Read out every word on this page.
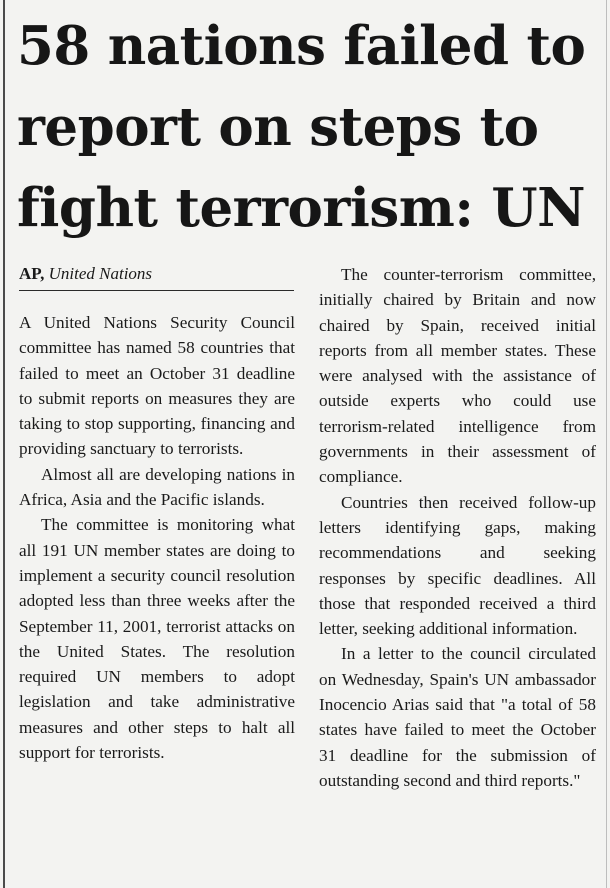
58 nations failed to
report on steps to
fight terrorism: UN
AP, United Nations

A United Nations Security Council committee has named 58 countries that failed to meet an October 31 deadline to submit reports on measures they are taking to stop supporting, financing and providing sanctuary to terrorists.

Almost all are developing nations in Africa, Asia and the Pacific islands.

The committee is monitoring what all 191 UN member states are doing to implement a security council resolution adopted less than three weeks after the September 11, 2001, terrorist attacks on the United States. The resolution required UN members to adopt legislation and take administrative measures and other steps to halt all support for terrorists.

The counter-terrorism committee, initially chaired by Britain and now chaired by Spain, received initial reports from all member states. These were analysed with the assistance of outside experts who could use terrorism-related intelligence from governments in their assessment of compliance.

Countries then received follow-up letters identifying gaps, making recommendations and seeking responses by specific deadlines. All those that responded received a third letter, seeking additional information.

In a letter to the council circulated on Wednesday, Spain's UN ambassador Inocencio Arias said that "a total of 58 states have failed to meet the October 31 deadline for the submission of outstanding second and third reports."
